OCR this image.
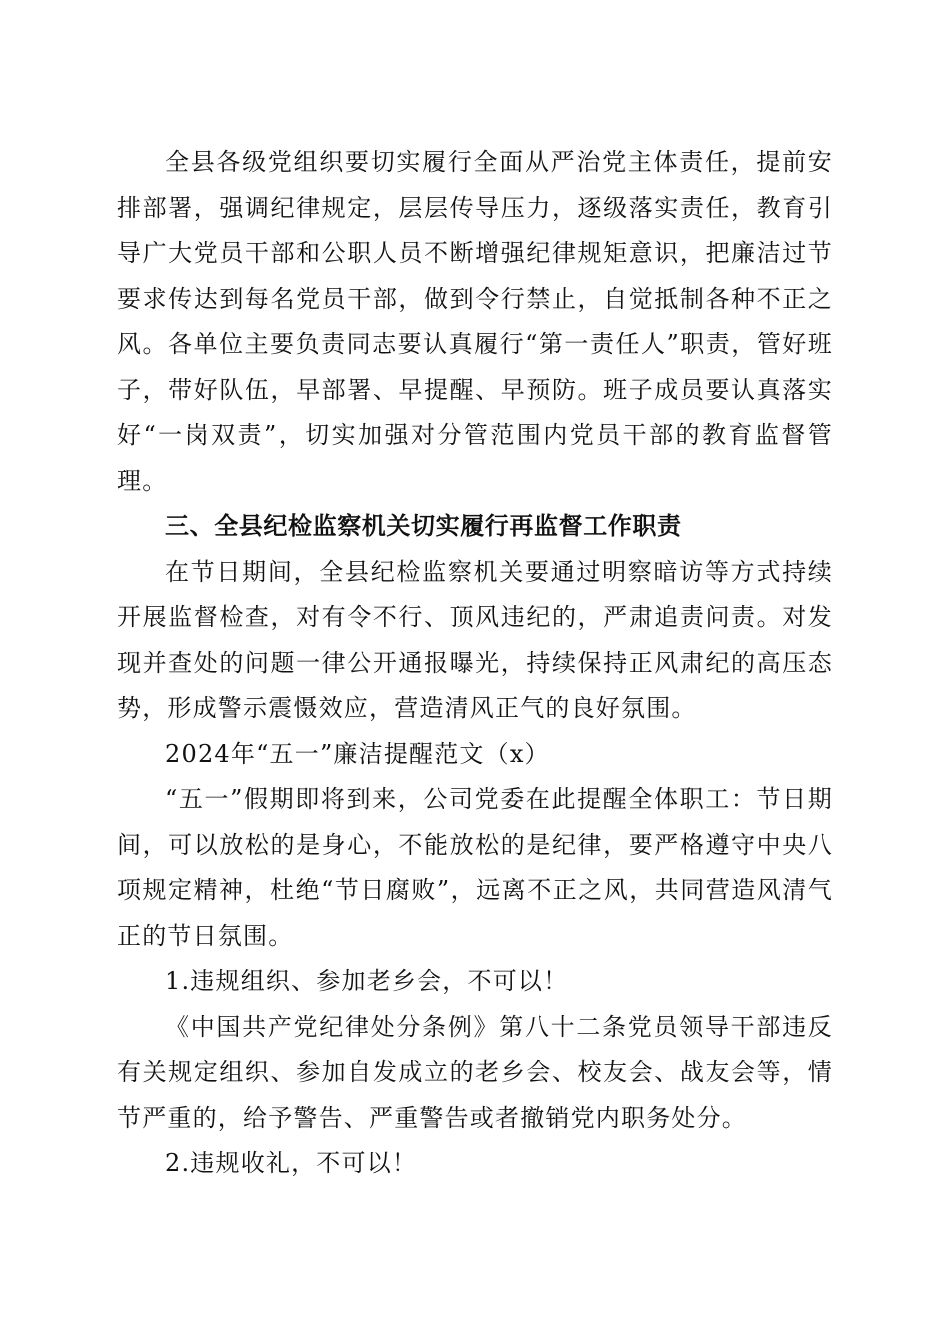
全县各级党组织要切实履行全面从严治党主体责任，提前安排部署，强调纪律规定，层层传导压力，逐级落实责任，教育引导广大党员干部和公职人员不断增强纪律规矩意识，把廉洁过节要求传达到每名党员干部，做到令行禁止，自觉抵制各种不正之风。各单位主要负责同志要认真履行“第一责任人”职责，管好班子，带好队伍，早部署、早提醒、早预防。班子成员要认真落实好“一岗双责”，切实加强对分管范围内党员干部的教育监督管理。

三、全县纪检监察机关切实履行再监督工作职责

在节日期间，全县纪检监察机关要通过明察暗访等方式持续开展监督检查，对有令不行、顶风违纪的，严肃追责问责。对发现并查处的问题一律公开通报曝光，持续保持正风肃纪的高压态势，形成警示震慑效应，营造清风正气的良好氛围。

2024年“五一”廉洁提醒范文（x）

“五一”假期即将到来，公司党委在此提醒全体职工：节日期间，可以放松的是身心，不能放松的是纪律，要严格遵守中央八项规定精神，杜绝“节日腐败”，远离不正之风，共同营造风清气正的节日氛围。

1.违规组织、参加老乡会，不可以！

《中国共产党纪律处分条例》第八十二条党员领导干部违反有关规定组织、参加自发成立的老乡会、校友会、战友会等，情节严重的，给予警告、严重警告或者撤销党内职务处分。

2.违规收礼，不可以！
